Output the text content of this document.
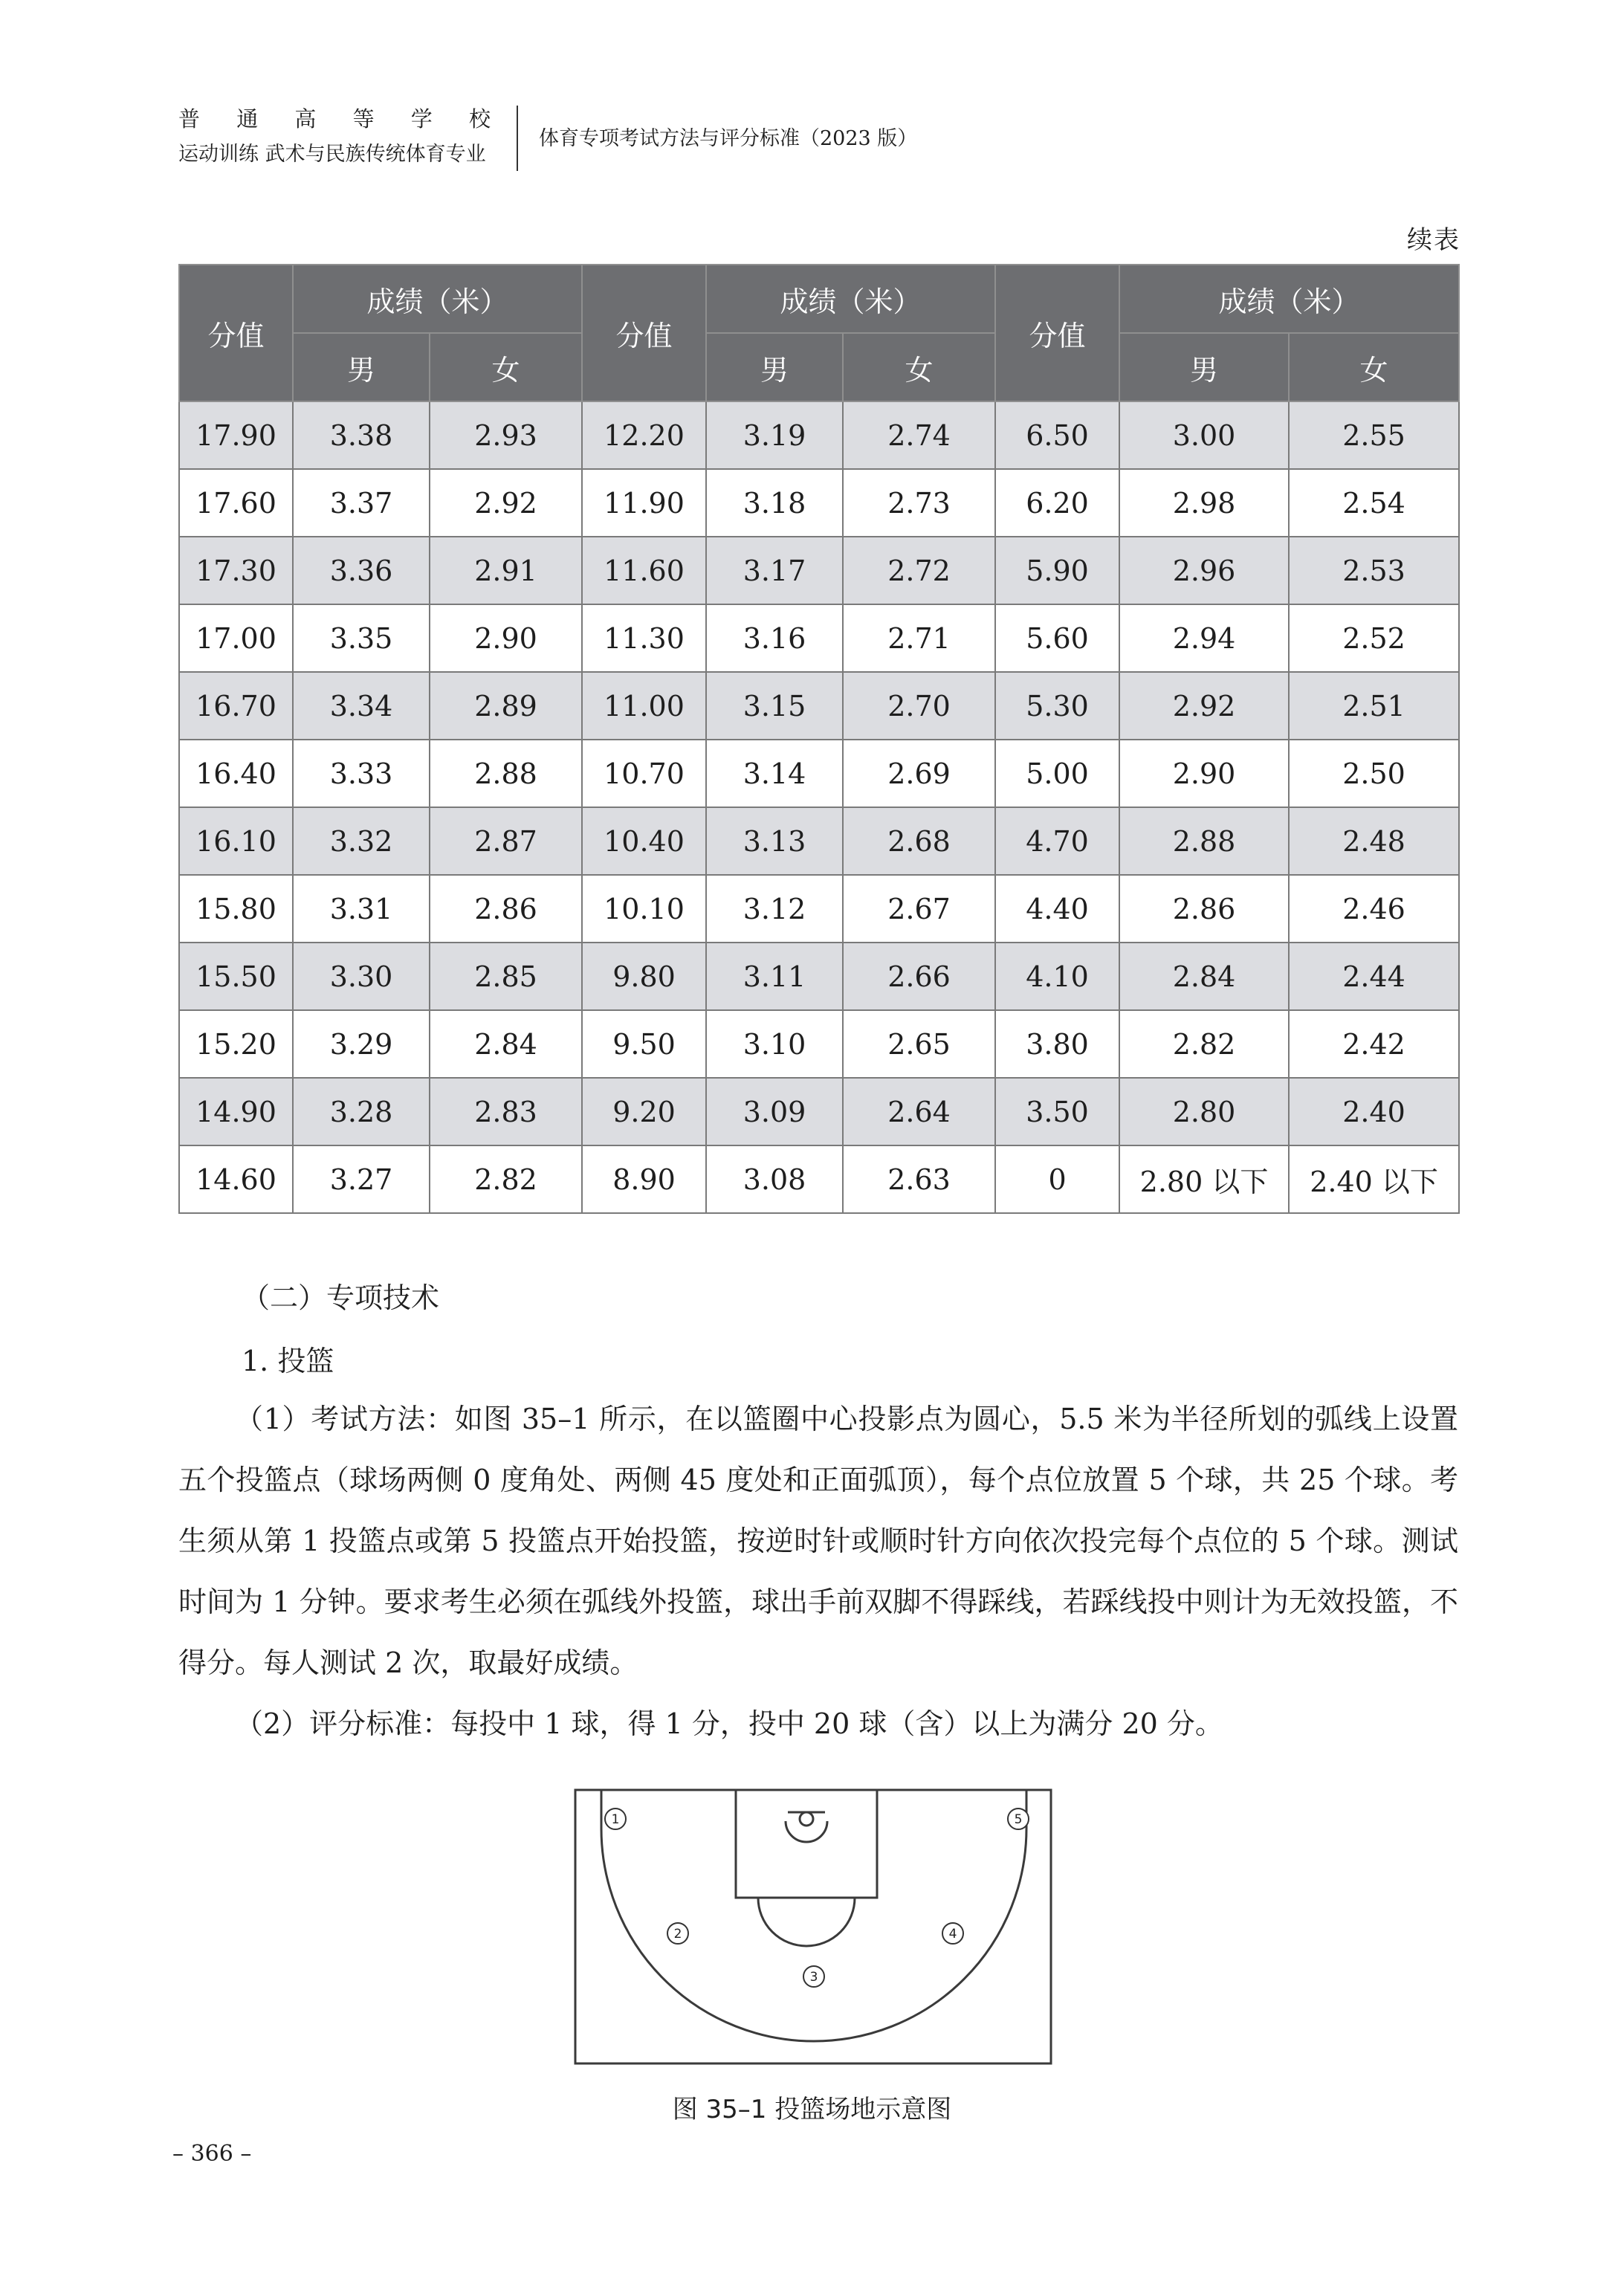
普 通 高 等 学 校
运动训练 武术与民族传统体育专业
体育专项考试方法与评分标准（2023 版）
续表
分值	成绩（米）		分值	成绩（米）		分值	成绩（米）	
	男	女		男	女		男	女
17.90	3.38	2.93	12.20	3.19	2.74	6.50	3.00	2.55
17.60	3.37	2.92	11.90	3.18	2.73	6.20	2.98	2.54
17.30	3.36	2.91	11.60	3.17	2.72	5.90	2.96	2.53
17.00	3.35	2.90	11.30	3.16	2.71	5.60	2.94	2.52
16.70	3.34	2.89	11.00	3.15	2.70	5.30	2.92	2.51
16.40	3.33	2.88	10.70	3.14	2.69	5.00	2.90	2.50
16.10	3.32	2.87	10.40	3.13	2.68	4.70	2.88	2.48
15.80	3.31	2.86	10.10	3.12	2.67	4.40	2.86	2.46
15.50	3.30	2.85	9.80	3.11	2.66	4.10	2.84	2.44
15.20	3.29	2.84	9.50	3.10	2.65	3.80	2.82	2.42
14.90	3.28	2.83	9.20	3.09	2.64	3.50	2.80	2.40
14.60	3.27	2.82	8.90	3.08	2.63	0	2.80 以下	2.40 以下
（二）专项技术
1. 投篮
（1）考试方法：如图 35–1 所示，在以篮圈中心投影点为圆心，5.5 米为半径所划的弧线上设置五个投篮点（球场两侧 0 度角处、两侧 45 度处和正面弧顶），每个点位放置 5 个球，共 25 个球。考生须从第 1 投篮点或第 5 投篮点开始投篮，按逆时针或顺时针方向依次投完每个点位的 5 个球。测试时间为 1 分钟。要求考生必须在弧线外投篮，球出手前双脚不得踩线，若踩线投中则计为无效投篮，不得分。每人测试 2 次，取最好成绩。
（2）评分标准：每投中 1 球，得 1 分，投中 20 球（含）以上为满分 20 分。
1
2
3
4
5
图 35–1 投篮场地示意图
– 366 –
